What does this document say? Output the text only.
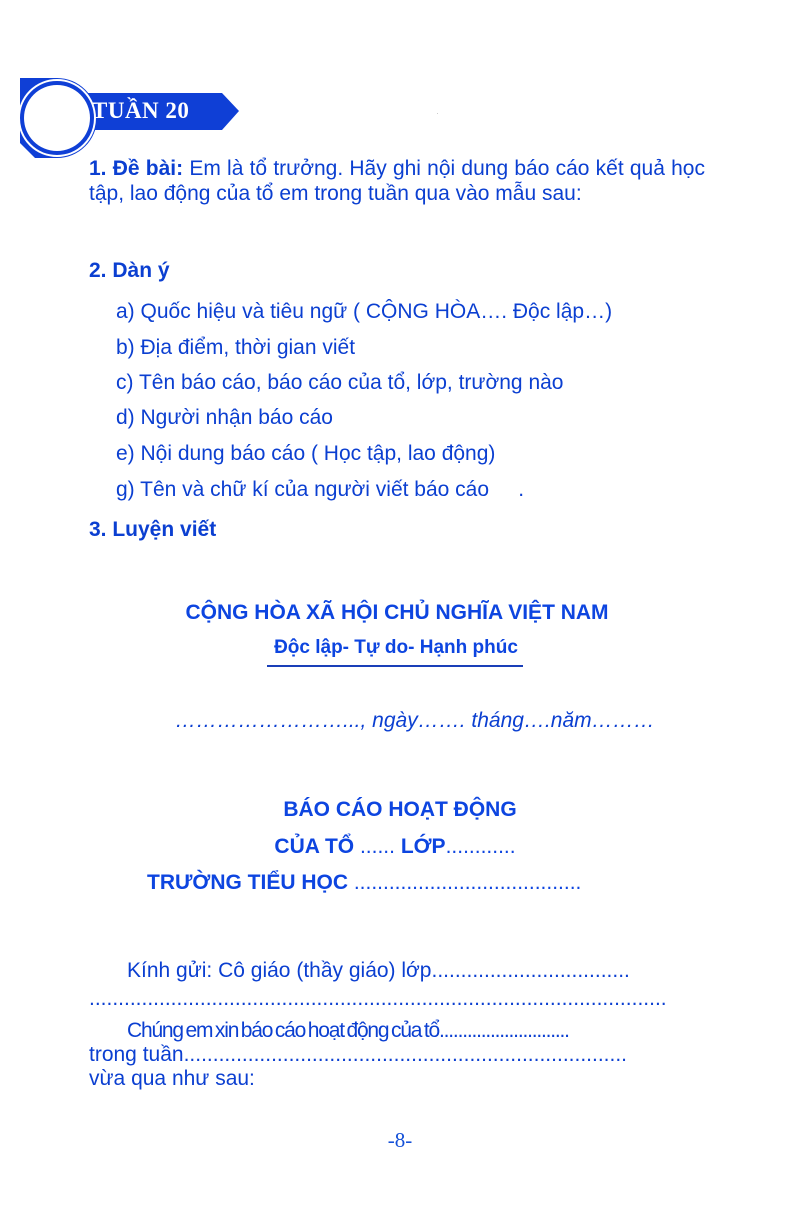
TUẦN 20
1. Đề bài: Em là tổ trưởng. Hãy ghi nội dung báo cáo kết quả học tập, lao động của tổ em trong tuần qua vào mẫu sau:
2. Dàn ý
a) Quốc hiệu và tiêu ngữ ( CỘNG HÒA…. Độc lập…)
b) Địa điểm, thời gian viết
c) Tên báo cáo, báo cáo của tổ, lớp, trường nào
d) Người nhận báo cáo
e) Nội dung báo cáo ( Học tập, lao động)
g) Tên và chữ kí của người viết báo cáo     .
3. Luyện viết
CỘNG HÒA XÃ HỘI CHỦ NGHĨA VIỆT NAM
Độc lập- Tự do- Hạnh phúc
……………………..., ngày……. tháng….năm………
BÁO CÁO HOẠT ĐỘNG
CỦA TỔ ...... LỚP............
TRƯỜNG TIỂU HỌC .......................................
Kính gửi: Cô giáo (thầy giáo) lớp..................................
...................................................................................................
Chúng em xin báo cáo hoạt động của tổ............................
trong tuần............................................................................
vừa qua như sau:
-8-
